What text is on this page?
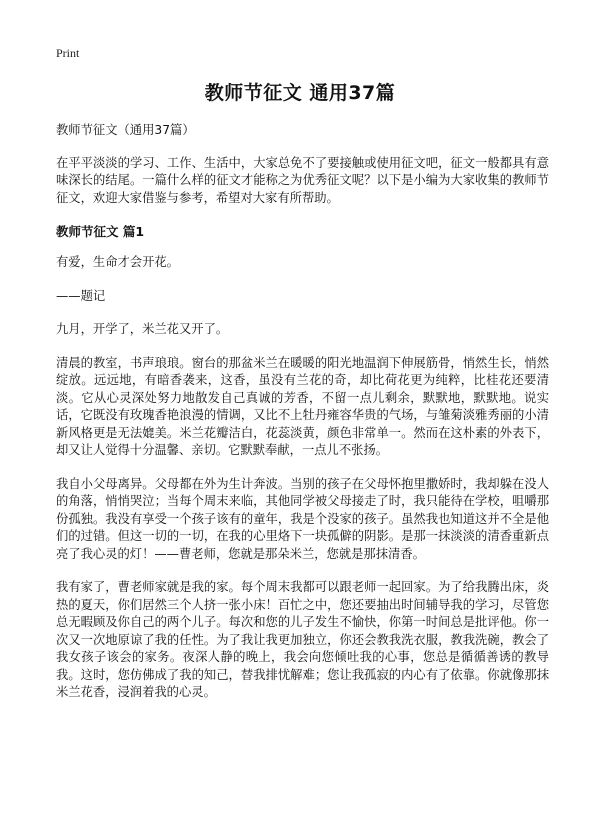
Print
教师节征文 通用37篇

教师节征文（通用37篇）

在平平淡淡的学习、工作、生活中，大家总免不了要接触或使用征文吧，征文一般都具有意味深长的结尾。一篇什么样的征文才能称之为优秀征文呢？以下是小编为大家收集的教师节征文，欢迎大家借鉴与参考，希望对大家有所帮助。

教师节征文 篇1

有爱，生命才会开花。

——题记

九月，开学了，米兰花又开了。

清晨的教室，书声琅琅。窗台的那盆米兰在暖暖的阳光地温润下伸展筋骨，悄然生长，悄然绽放。远远地，有暗香袭来，这香，虽没有兰花的奇，却比荷花更为纯粹，比桂花还要清淡。它从心灵深处努力地散发自己真诚的芳香，不留一点儿剩余，默默地，默默地。说实话，它既没有玫瑰香艳浪漫的情调，又比不上牡丹雍容华贵的气场，与雏菊淡雅秀丽的小清新风格更是无法媲美。米兰花瓣洁白，花蕊淡黄，颜色非常单一。然而在这朴素的外表下，却又让人觉得十分温馨、亲切。它默默奉献，一点儿不张扬。

我自小父母离异。父母都在外为生计奔波。当别的孩子在父母怀抱里撒娇时，我却躲在没人的角落，悄悄哭泣；当每个周末来临，其他同学被父母接走了时，我只能待在学校，咀嚼那份孤独。我没有享受一个孩子该有的童年，我是个没家的孩子。虽然我也知道这并不全是他们的过错。但这一切的一切，在我的心里烙下一块孤僻的阴影。是那一抹淡淡的清香重新点亮了我心灵的灯！——曹老师，您就是那朵米兰，您就是那抹清香。

我有家了，曹老师家就是我的家。每个周末我都可以跟老师一起回家。为了给我腾出床，炎热的夏天，你们居然三个人挤一张小床！百忙之中，您还要抽出时间辅导我的学习，尽管您总无暇顾及你自己的两个儿子。每次和您的儿子发生不愉快，你第一时间总是批评他。你一次又一次地原谅了我的任性。为了我让我更加独立，你还会教我洗衣服，教我洗碗，教会了我女孩子该会的家务。夜深人静的晚上，我会向您倾吐我的心事，您总是循循善诱的教导我。这时，您仿佛成了我的知己，替我排忧解难；您让我孤寂的内心有了依靠。你就像那抹米兰花香，浸润着我的心灵。
